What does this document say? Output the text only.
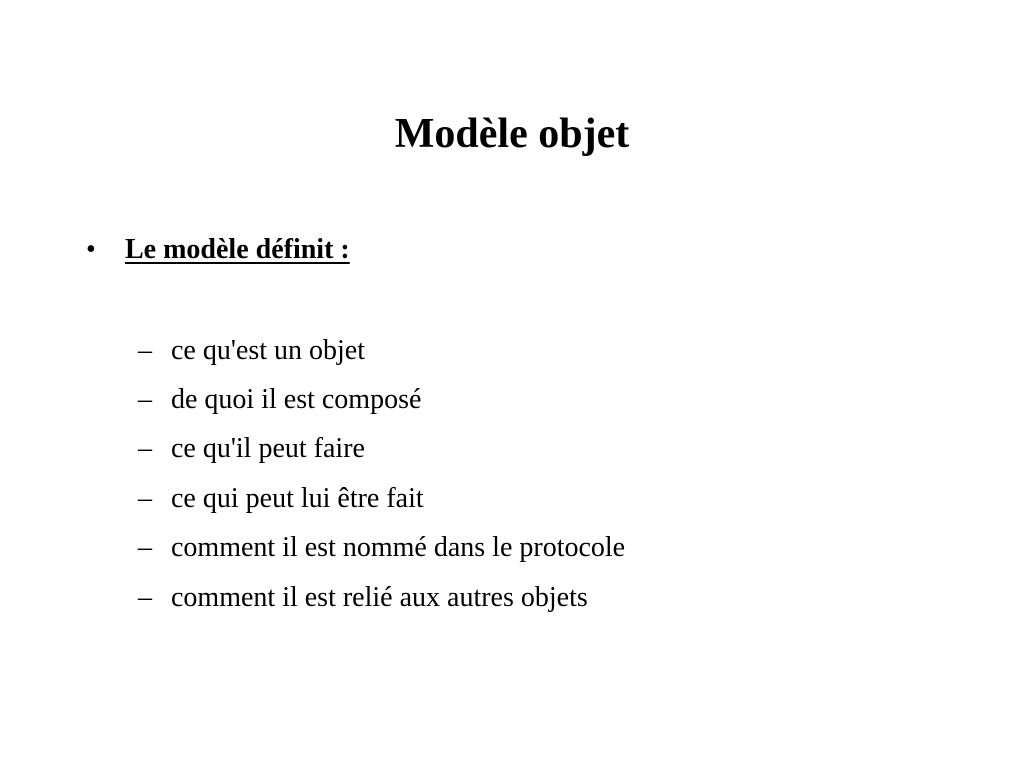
Modèle objet
•	Le modèle définit :
– ce qu'est un objet
– de quoi il est composé
– ce qu'il peut faire
– ce qui peut lui être fait
– comment il est nommé dans le protocole
– comment il est relié aux autres objets
